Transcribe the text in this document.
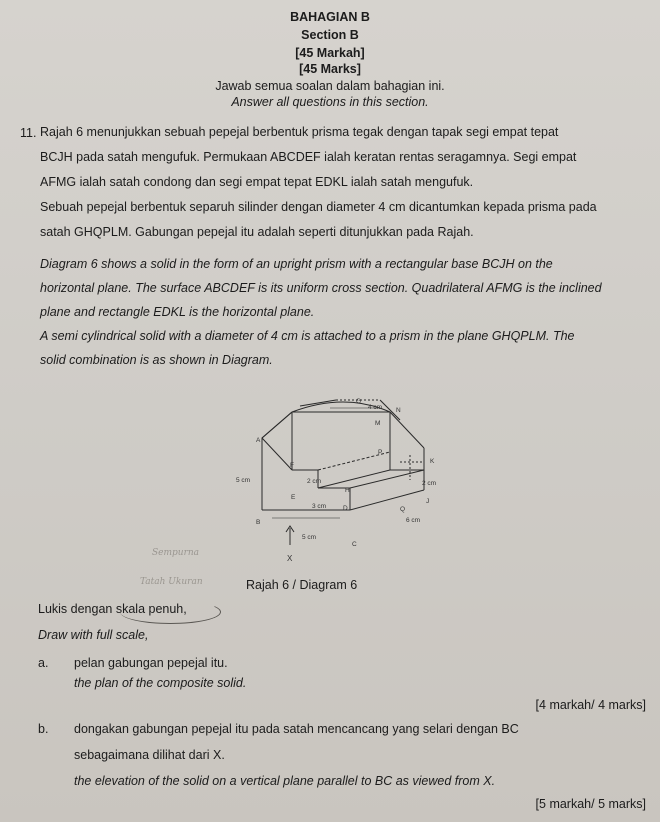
BAHAGIAN B
Section B
[45 Markah]
[45 Marks]
Jawab semua soalan dalam bahagian ini.
Answer all questions in this section.
11. Rajah 6 menunjukkan sebuah pepejal berbentuk prisma tegak dengan tapak segi empat tepat
BCJH pada satah mengufuk. Permukaan ABCDEF ialah keratan rentas seragamnya. Segi empat
AFMG ialah satah condong dan segi empat tepat EDKL ialah satah mengufuk.
Sebuah pepejal berbentuk separuh silinder dengan diameter 4 cm dicantumkan kepada prisma pada
satah GHQPLM. Gabungan pepejal itu adalah seperti ditunjukkan pada Rajah.
Diagram 6 shows a solid in the form of an upright prism with a rectangular base BCJH on the
horizontal plane. The surface ABCDEF is its uniform cross section. Quadrilateral AFMG is the inclined
plane and rectangle EDKL is the horizontal plane.
A semi cylindrical solid with a diameter of 4 cm is attached to a prism in the plane GHQPLM. The
solid combination is as shown in Diagram.
G
4 cm N
M
A
F
5 cm	2 cm
P
K
2 cm
H
E
3 cm	D	Q
J
B	6 cm
5 cm
C
X
Sempurna
Tatah Ukuran	Rajah 6 / Diagram 6
Lukis dengan skala penuh,
Draw with full scale,
a. pelan gabungan pepejal itu.
the plan of the composite solid.
[4 markah/ 4 marks]
b. dongakan gabungan pepejal itu pada satah mencancang yang selari dengan BC
sebagaimana dilihat dari X.
the elevation of the solid on a vertical plane parallel to BC as viewed from X.
[5 markah/ 5 marks]
